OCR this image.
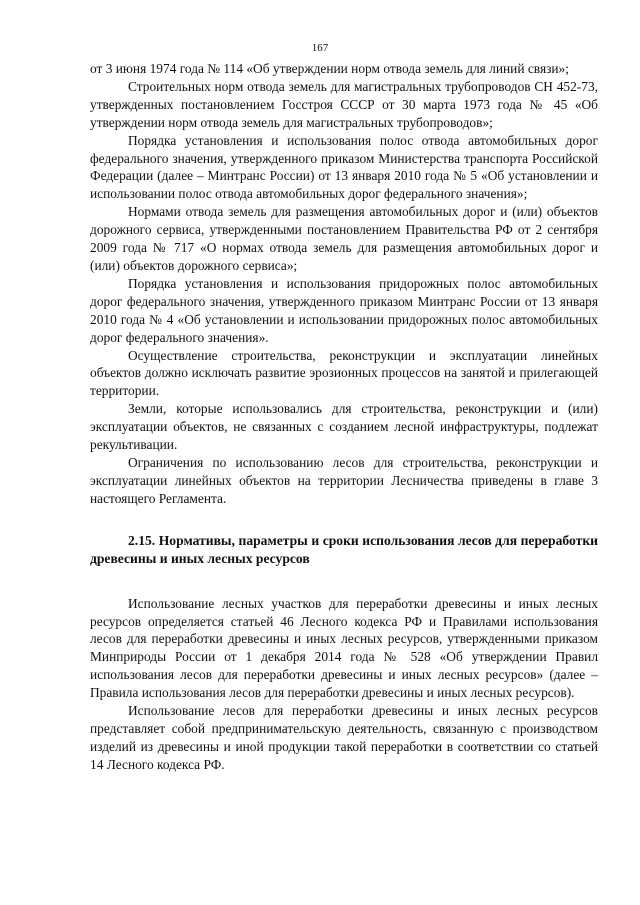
167

от 3 июня 1974 года № 114 «Об утверждении норм отвода земель для линий связи»;

Строительных норм отвода земель для магистральных трубопроводов СН 452-73, утвержденных постановлением Госстроя СССР от 30 марта 1973 года № 45 «Об утверждении норм отвода земель для магистральных трубопроводов»;

Порядка установления и использования полос отвода автомобильных дорог федерального значения, утвержденного приказом Министерства транспорта Российской Федерации (далее – Минтранс России) от 13 января 2010 года № 5 «Об установлении и использовании полос отвода автомобильных дорог федерального значения»;

Нормами отвода земель для размещения автомобильных дорог и (или) объектов дорожного сервиса, утвержденными постановлением Правительства РФ от 2 сентября 2009 года № 717 «О нормах отвода земель для размещения автомобильных дорог и (или) объектов дорожного сервиса»;

Порядка установления и использования придорожных полос автомобильных дорог федерального значения, утвержденного приказом Минтранс России от 13 января 2010 года № 4 «Об установлении и использовании придорожных полос автомобильных дорог федерального значения».

Осуществление строительства, реконструкции и эксплуатации линейных объектов должно исключать развитие эрозионных процессов на занятой и прилегающей территории.

Земли, которые использовались для строительства, реконструкции и (или) эксплуатации объектов, не связанных с созданием лесной инфраструктуры, подлежат рекультивации.

Ограничения по использованию лесов для строительства, реконструкции и эксплуатации линейных объектов на территории Лесничества приведены в главе 3 настоящего Регламента.

2.15. Нормативы, параметры и сроки использования лесов для переработки древесины и иных лесных ресурсов

Использование лесных участков для переработки древесины и иных лесных ресурсов определяется статьей 46 Лесного кодекса РФ и Правилами использования лесов для переработки древесины и иных лесных ресурсов, утвержденными приказом Минприроды России от 1 декабря 2014 года № 528 «Об утверждении Правил использования лесов для переработки древесины и иных лесных ресурсов» (далее – Правила использования лесов для переработки древесины и иных лесных ресурсов).

Использование лесов для переработки древесины и иных лесных ресурсов представляет собой предпринимательскую деятельность, связанную с производством изделий из древесины и иной продукции такой переработки в соответствии со статьей 14 Лесного кодекса РФ.
